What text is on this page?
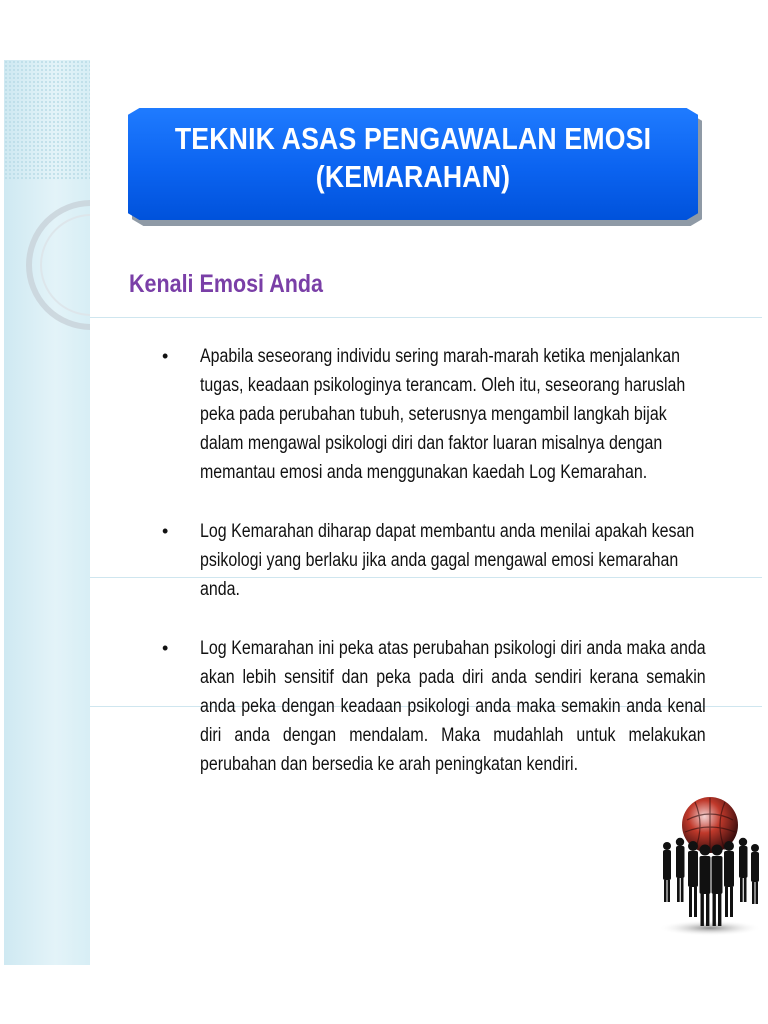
TEKNIK ASAS PENGAWALAN EMOSI
(KEMARAHAN)
Kenali Emosi Anda
• Apabila seseorang individu sering marah-marah ketika menjalankan tugas, keadaan psikologinya terancam. Oleh itu, seseorang haruslah peka pada perubahan tubuh, seterusnya mengambil langkah bijak dalam mengawal psikologi diri dan faktor luaran misalnya dengan memantau emosi anda menggunakan kaedah Log Kemarahan.
• Log Kemarahan diharap dapat membantu anda menilai apakah kesan psikologi yang berlaku jika anda gagal mengawal emosi kemarahan anda.
• Log Kemarahan ini peka atas perubahan psikologi diri anda maka anda akan lebih sensitif dan peka pada diri anda sendiri kerana semakin anda peka dengan keadaan psikologi anda maka semakin anda kenal diri anda dengan mendalam. Maka mudahlah untuk melakukan perubahan dan bersedia ke arah peningkatan kendiri.
